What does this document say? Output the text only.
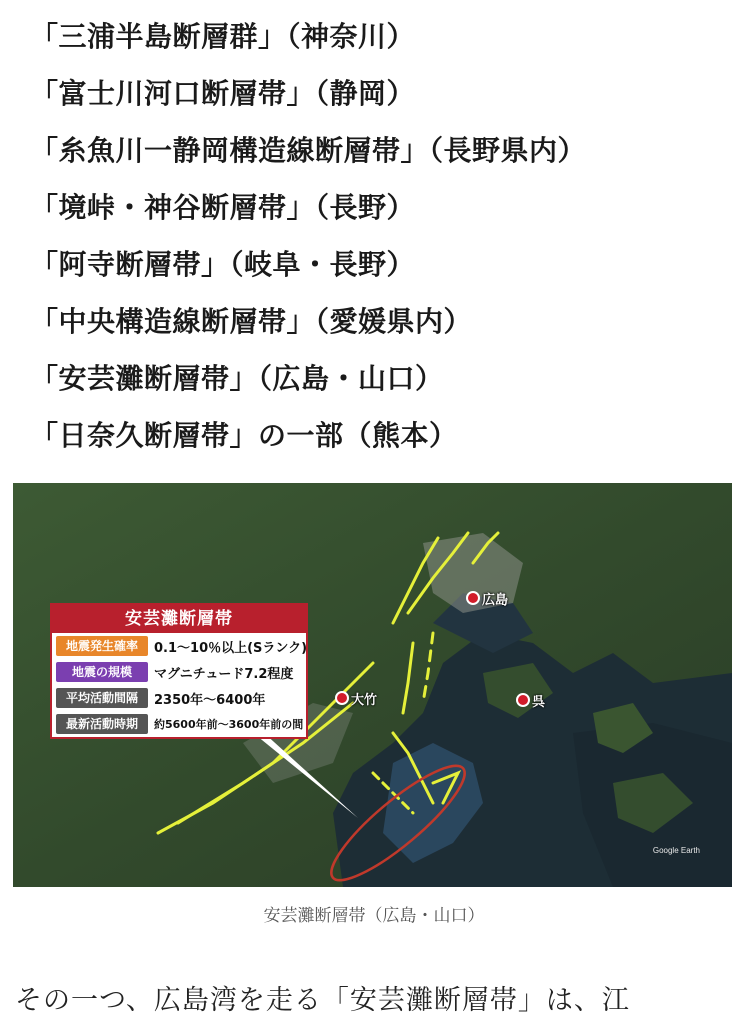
「三浦半島断層群」（神奈川）
「富士川河口断層帯」（静岡）
「糸魚川一静岡構造線断層帯」（長野県内）
「境峠・神谷断層帯」（長野）
「阿寺断層帯」（岐阜・長野）
「中央構造線断層帯」（愛媛県内）
「安芸灘断層帯」（広島・山口）
「日奈久断層帯」の一部（熊本）
広島
大竹	呉
安芸灘断層帯
地震発生確率	0.1〜10％以上(Sランク)
地震の規模	マグニチュード7.2程度
平均活動間隔	2350年〜6400年
最新活動時期	約5600年前〜3600年前の間
Google Earth
安芸灘断層帯（広島・山口）
その一つ、広島湾を走る「安芸灘断層帯」は、江
